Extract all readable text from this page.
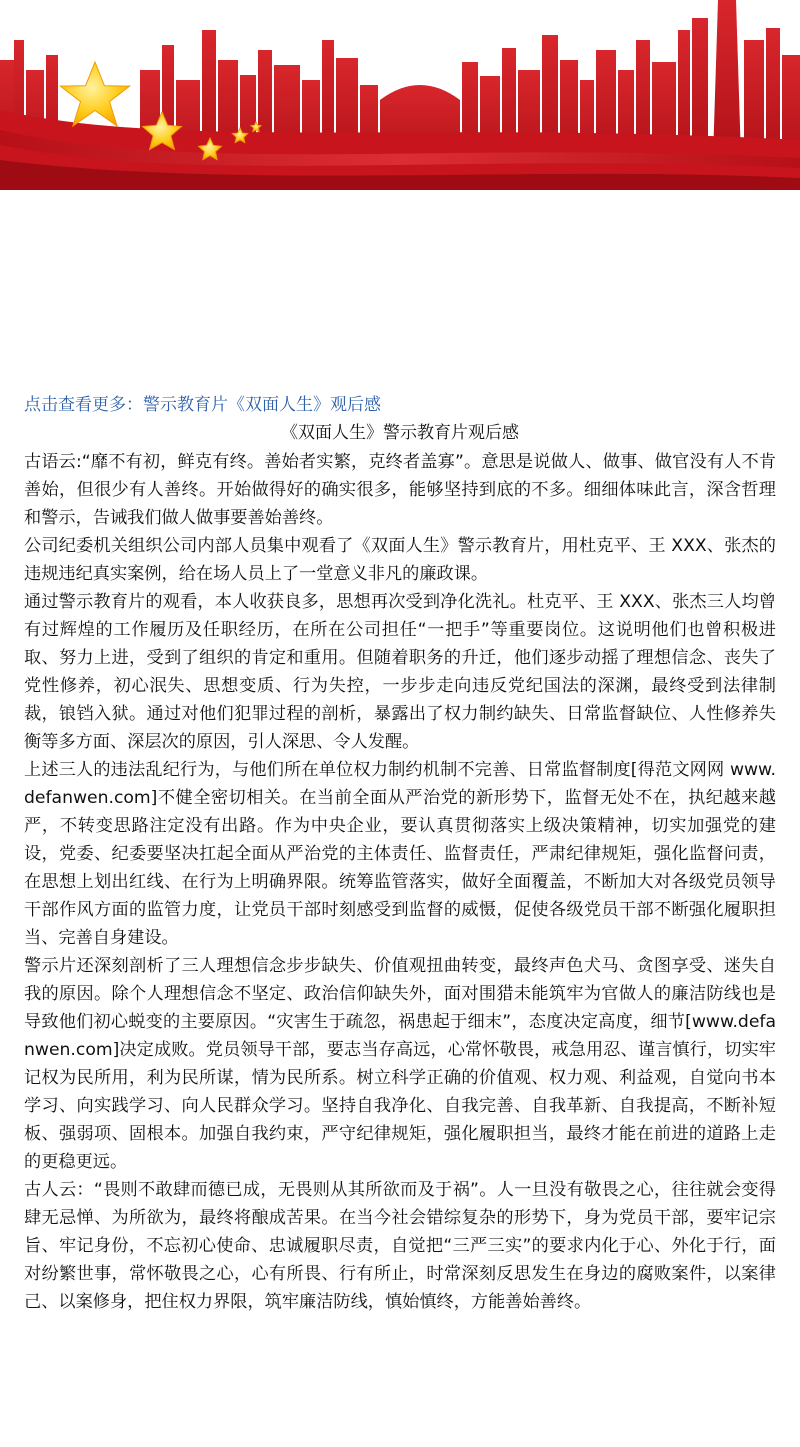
点击查看更多：警示教育片《双面人生》观后感
《双面人生》警示教育片观后感

古语云:“靡不有初，鲜克有终。善始者实繁，克终者盖寡”。意思是说做人、做事、做官没有人不肯善始，但很少有人善终。开始做得好的确实很多，能够坚持到底的不多。细细体味此言，深含哲理和警示，告诫我们做人做事要善始善终。

公司纪委机关组织公司内部人员集中观看了《双面人生》警示教育片，用杜克平、王 XXX、张杰的违规违纪真实案例，给在场人员上了一堂意义非凡的廉政课。

通过警示教育片的观看，本人收获良多，思想再次受到净化洗礼。杜克平、王 XXX、张杰三人均曾有过辉煌的工作履历及任职经历，在所在公司担任“一把手”等重要岗位。这说明他们也曾积极进取、努力上进，受到了组织的肯定和重用。但随着职务的升迁，他们逐步动摇了理想信念、丧失了党性修养，初心泯失、思想变质、行为失控，一步步走向违反党纪国法的深渊，最终受到法律制裁，锒铛入狱。通过对他们犯罪过程的剖析，暴露出了权力制约缺失、日常监督缺位、人性修养失衡等多方面、深层次的原因，引人深思、令人发醒。

上述三人的违法乱纪行为，与他们所在单位权力制约机制不完善、日常监督制度[得范文网网 www.defanwen.com]不健全密切相关。在当前全面从严治党的新形势下，监督无处不在，执纪越来越严，不转变思路注定没有出路。作为中央企业，要认真贯彻落实上级决策精神，切实加强党的建设，党委、纪委要坚决扛起全面从严治党的主体责任、监督责任，严肃纪律规矩，强化监督问责，在思想上划出红线、在行为上明确界限。统筹监管落实，做好全面覆盖，不断加大对各级党员领导干部作风方面的监管力度，让党员干部时刻感受到监督的威慑，促使各级党员干部不断强化履职担当、完善自身建设。

警示片还深刻剖析了三人理想信念步步缺失、价值观扭曲转变，最终声色犬马、贪图享受、迷失自我的原因。除个人理想信念不坚定、政治信仰缺失外，面对围猎未能筑牢为官做人的廉洁防线也是导致他们初心蜕变的主要原因。“灾害生于疏忽，祸患起于细末”，态度决定高度，细节[www.defanwen.com]决定成败。党员领导干部，要志当存高远，心常怀敬畏，戒急用忍、谨言慎行，切实牢记权为民所用，利为民所谋，情为民所系。树立科学正确的价值观、权力观、利益观，自觉向书本学习、向实践学习、向人民群众学习。坚持自我净化、自我完善、自我革新、自我提高，不断补短板、强弱项、固根本。加强自我约束，严守纪律规矩，强化履职担当，最终才能在前进的道路上走的更稳更远。

古人云：“畏则不敢肆而德已成，无畏则从其所欲而及于祸”。人一旦没有敬畏之心，往往就会变得肆无忌惮、为所欲为，最终将酿成苦果。在当今社会错综复杂的形势下，身为党员干部，要牢记宗旨、牢记身份，不忘初心使命、忠诚履职尽责，自觉把“三严三实”的要求内化于心、外化于行，面对纷繁世事，常怀敬畏之心，心有所畏、行有所止，时常深刻反思发生在身边的腐败案件，以案律己、以案修身，把住权力界限，筑牢廉洁防线，慎始慎终，方能善始善终。
